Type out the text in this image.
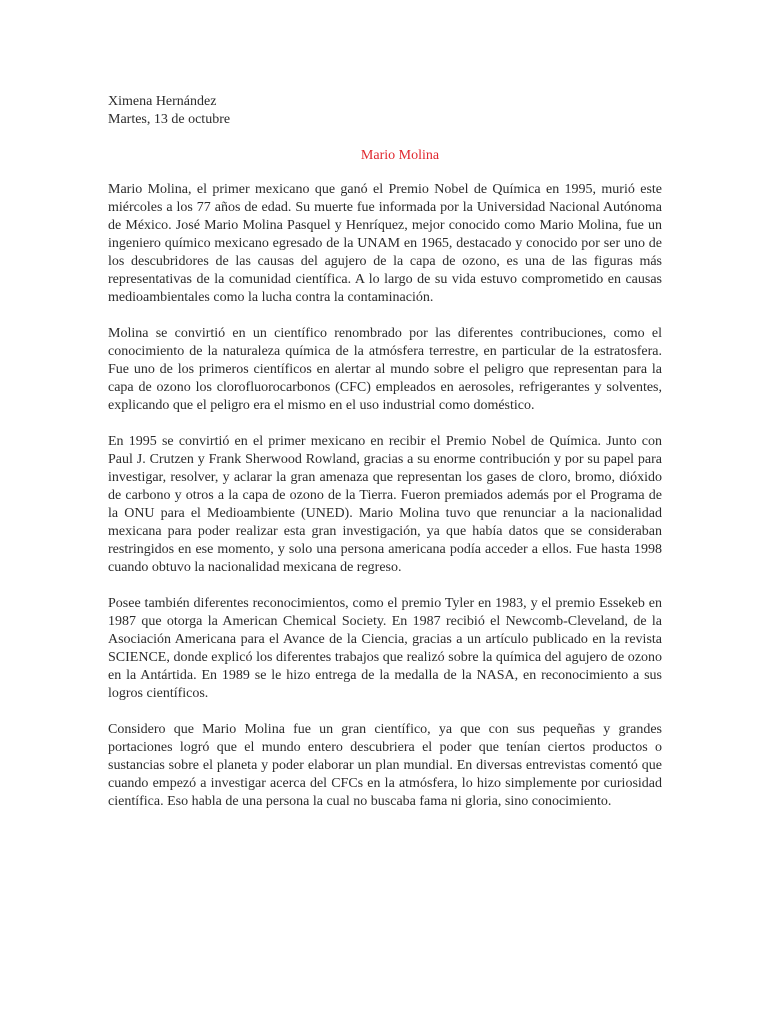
Ximena Hernández

Martes, 13 de octubre

Mario Molina

Mario Molina, el primer mexicano que ganó el Premio Nobel de Química en 1995, murió este miércoles a los 77 años de edad. Su muerte fue informada por la Universidad Nacional Autónoma de México. José Mario Molina Pasquel y Henríquez, mejor conocido como Mario Molina, fue un ingeniero químico mexicano egresado de la UNAM en 1965, destacado y conocido por ser uno de los descubridores de las causas del agujero de la capa de ozono, es una de las figuras más representativas de la comunidad científica. A lo largo de su vida estuvo comprometido en causas medioambientales como la lucha contra la contaminación.

Molina se convirtió en un científico renombrado por las diferentes contribuciones, como el conocimiento de la naturaleza química de la atmósfera terrestre, en particular de la estratosfera. Fue uno de los primeros científicos en alertar al mundo sobre el peligro que representan para la capa de ozono los clorofluorocarbonos (CFC) empleados en aerosoles, refrigerantes y solventes, explicando que el peligro era el mismo en el uso industrial como doméstico.

En 1995 se convirtió en el primer mexicano en recibir el Premio Nobel de Química. Junto con Paul J. Crutzen y Frank Sherwood Rowland, gracias a su enorme contribución y por su papel para investigar, resolver, y aclarar la gran amenaza que representan los gases de cloro, bromo, dióxido de carbono y otros a la capa de ozono de la Tierra. Fueron premiados además por el Programa de la ONU para el Medioambiente (UNED). Mario Molina tuvo que renunciar a la nacionalidad mexicana para poder realizar esta gran investigación, ya que había datos que se consideraban restringidos en ese momento, y solo una persona americana podía acceder a ellos. Fue hasta 1998 cuando obtuvo la nacionalidad mexicana de regreso.

Posee también diferentes reconocimientos, como el premio Tyler en 1983, y el premio Essekeb en 1987 que otorga la American Chemical Society. En 1987 recibió el Newcomb-Cleveland, de la Asociación Americana para el Avance de la Ciencia, gracias a un artículo publicado en la revista SCIENCE, donde explicó los diferentes trabajos que realizó sobre la química del agujero de ozono en la Antártida. En 1989 se le hizo entrega de la medalla de la NASA, en reconocimiento a sus logros científicos.

Considero que Mario Molina fue un gran científico, ya que con sus pequeñas y grandes portaciones logró que el mundo entero descubriera el poder que tenían ciertos productos o sustancias sobre el planeta y poder elaborar un plan mundial. En diversas entrevistas comentó que cuando empezó a investigar acerca del CFCs en la atmósfera, lo hizo simplemente por curiosidad científica. Eso habla de una persona la cual no buscaba fama ni gloria, sino conocimiento.
